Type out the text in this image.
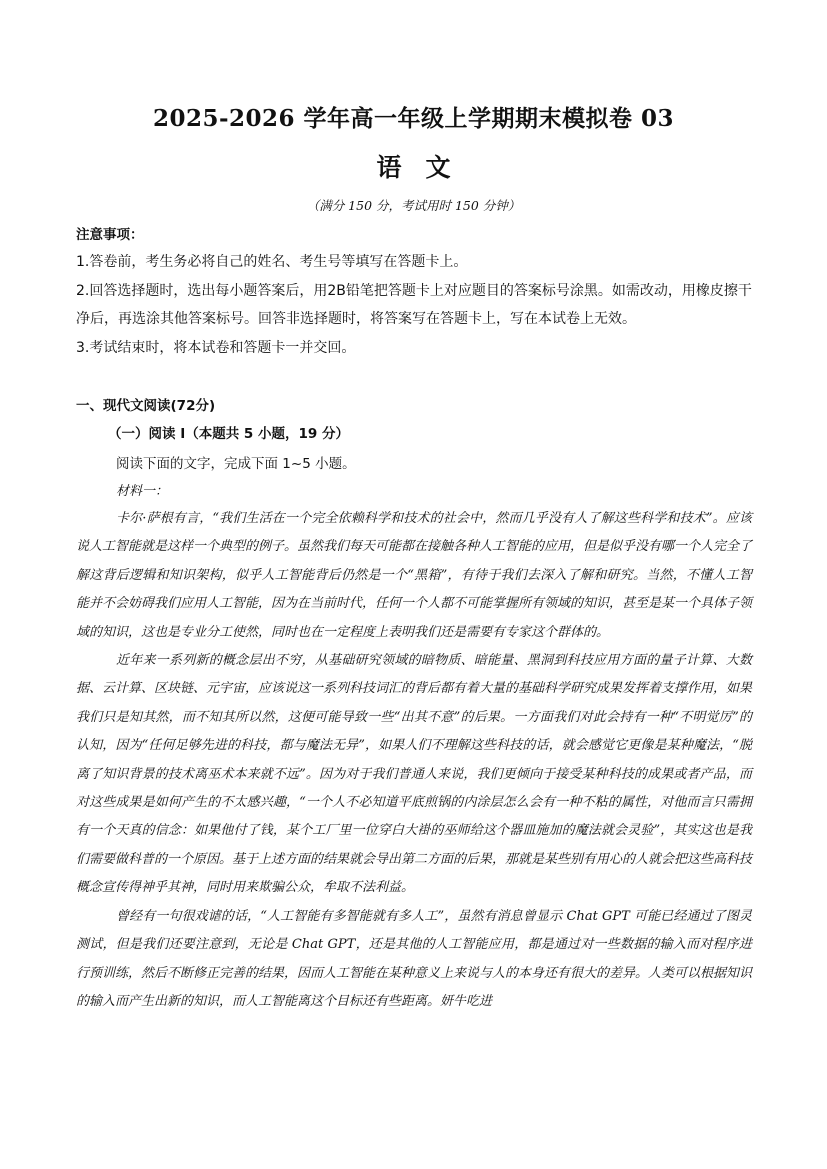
2025-2026 学年高一年级上学期期末模拟卷 03
语文
（满分 150 分，考试用时 150 分钟）
注意事项：

1.答卷前，考生务必将自己的姓名、考生号等填写在答题卡上。

2.回答选择题时，选出每小题答案后，用2B铅笔把答题卡上对应题目的答案标号涂黑。如需改动，用橡皮擦干净后，再选涂其他答案标号。回答非选择题时，将答案写在答题卡上，写在本试卷上无效。

3.考试结束时，将本试卷和答题卡一并交回。

一、现代文阅读(72分)
（一）阅读 I（本题共 5 小题，19 分）
阅读下面的文字，完成下面 1~5 小题。
材料一：

卡尔·萨根有言，“我们生活在一个完全依赖科学和技术的社会中，然而几乎没有人了解这些科学和技术”。应该说人工智能就是这样一个典型的例子。虽然我们每天可能都在接触各种人工智能的应用，但是似乎没有哪一个人完全了解这背后逻辑和知识架构，似乎人工智能背后仍然是一个“黑箱”，有待于我们去深入了解和研究。当然，不懂人工智能并不会妨碍我们应用人工智能，因为在当前时代，任何一个人都不可能掌握所有领域的知识，甚至是某一个具体子领域的知识，这也是专业分工使然，同时也在一定程度上表明我们还是需要有专家这个群体的。

近年来一系列新的概念层出不穷，从基础研究领域的暗物质、暗能量、黑洞到科技应用方面的量子计算、大数据、云计算、区块链、元宇宙，应该说这一系列科技词汇的背后都有着大量的基础科学研究成果发挥着支撑作用，如果我们只是知其然，而不知其所以然，这便可能导致一些“出其不意”的后果。一方面我们对此会持有一种“不明觉厉”的认知，因为“任何足够先进的科技，都与魔法无异”，如果人们不理解这些科技的话，就会感觉它更像是某种魔法，“脱离了知识背景的技术离巫术本来就不远”。因为对于我们普通人来说，我们更倾向于接受某种科技的成果或者产品，而对这些成果是如何产生的不太感兴趣，“一个人不必知道平底煎锅的内涂层怎么会有一种不粘的属性，对他而言只需拥有一个天真的信念：如果他付了钱，某个工厂里一位穿白大褂的巫师给这个器皿施加的魔法就会灵验”，其实这也是我们需要做科普的一个原因。基于上述方面的结果就会导出第二方面的后果，那就是某些别有用心的人就会把这些高科技概念宣传得神乎其神，同时用来欺骗公众，牟取不法利益。

曾经有一句很戏谑的话，“人工智能有多智能就有多人工”，虽然有消息曾显示 Chat GPT 可能已经通过了图灵测试，但是我们还要注意到，无论是 Chat GPT，还是其他的人工智能应用，都是通过对一些数据的输入而对程序进行预训练，然后不断修正完善的结果，因而人工智能在某种意义上来说与人的本身还有很大的差异。人类可以根据知识的输入而产生出新的知识，而人工智能离这个目标还有些距离。妍牛吃进
